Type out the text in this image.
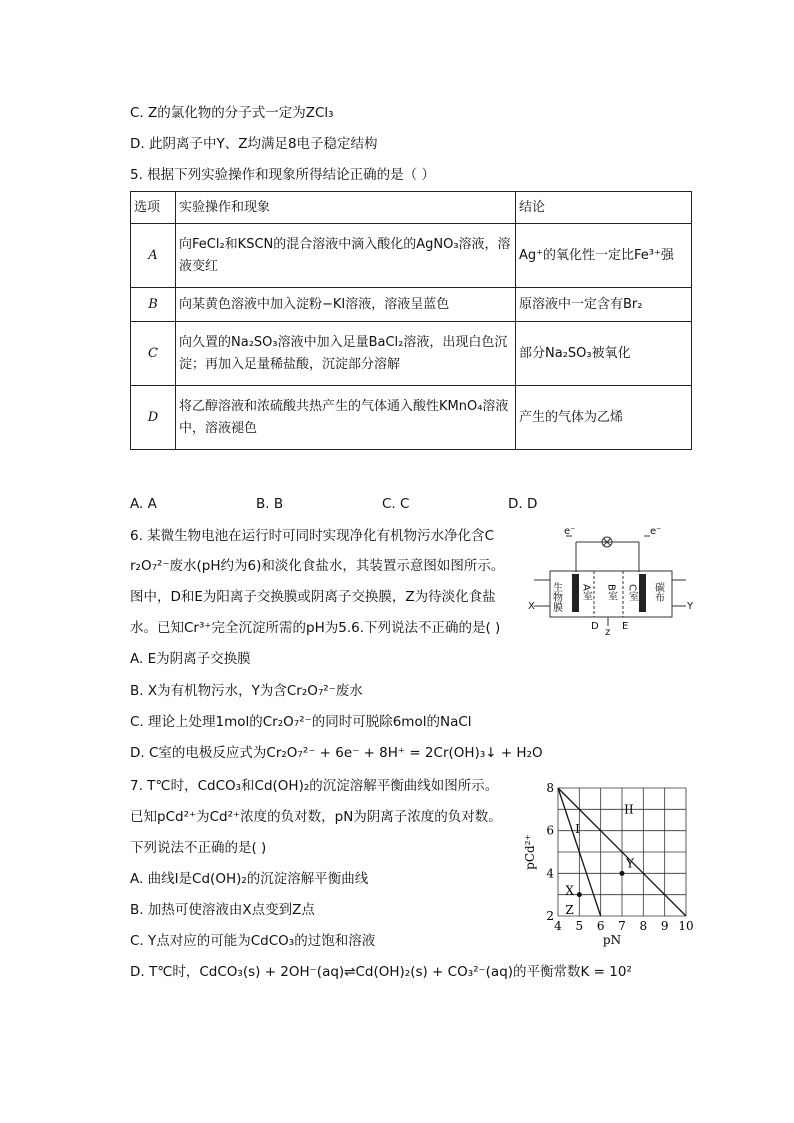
C. Z的氯化物的分子式一定为ZCl₃
D. 此阴离子中Y、Z均满足8电子稳定结构
5. 根据下列实验操作和现象所得结论正确的是（ ）
选项	实验操作和现象	结论
A	向FeCl₂和KSCN的混合溶液中滴入酸化的AgNO₃溶液，溶液变红	Ag⁺的氧化性一定比Fe³⁺强
B	向某黄色溶液中加入淀粉−KI溶液，溶液呈蓝色	原溶液中一定含有Br₂
C	向久置的Na₂SO₃溶液中加入足量BaCl₂溶液，出现白色沉淀；再加入足量稀盐酸，沉淀部分溶解	部分Na₂SO₃被氧化
D	将乙醇溶液和浓硫酸共热产生的气体通入酸性KMnO₄溶液中，溶液褪色	产生的气体为乙烯
A. A	B. B	C. C	D. D
6. 某微生物电池在运行时可同时实现净化有机物污水净化含C
r₂O₇²⁻废水(pH约为6)和淡化食盐水，其装置示意图如图所示。
图中，D和E为阳离子交换膜或阴离子交换膜，Z为待淡化食盐
水。已知Cr³⁺完全沉淀所需的pH为5.6.下列说法不正确的是( )
A. E为阴离子交换膜
B. X为有机物污水，Y为含Cr₂O₇²⁻废水
C. 理论上处理1mol的Cr₂O₇²⁻的同时可脱除6mol的NaCl
D. C室的电极反应式为Cr₂O₇²⁻ + 6e⁻ + 8H⁺ = 2Cr(OH)₃↓ + H₂O
e⁻	e⁻
生物膜 A室 B室 C室 碳布
X	Y
D E
z
7. T℃时，CdCO₃和Cd(OH)₂的沉淀溶解平衡曲线如图所示。
已知pCd²⁺为Cd²⁺浓度的负对数，pN为阴离子浓度的负对数。
下列说法不正确的是( )
A. 曲线Ⅰ是Cd(OH)₂的沉淀溶解平衡曲线
B. 加热可使溶液由X点变到Z点
C. Y点对应的可能为CdCO₃的过饱和溶液
D. T℃时，CdCO₃(s) + 2OH⁻(aq)⇌Cd(OH)₂(s) + CO₃²⁻(aq)的平衡常数K = 10²
4 5 6 7 8 9 10
2
4
6
8
pN
pCd²⁺
I
II
X
Y
Z
